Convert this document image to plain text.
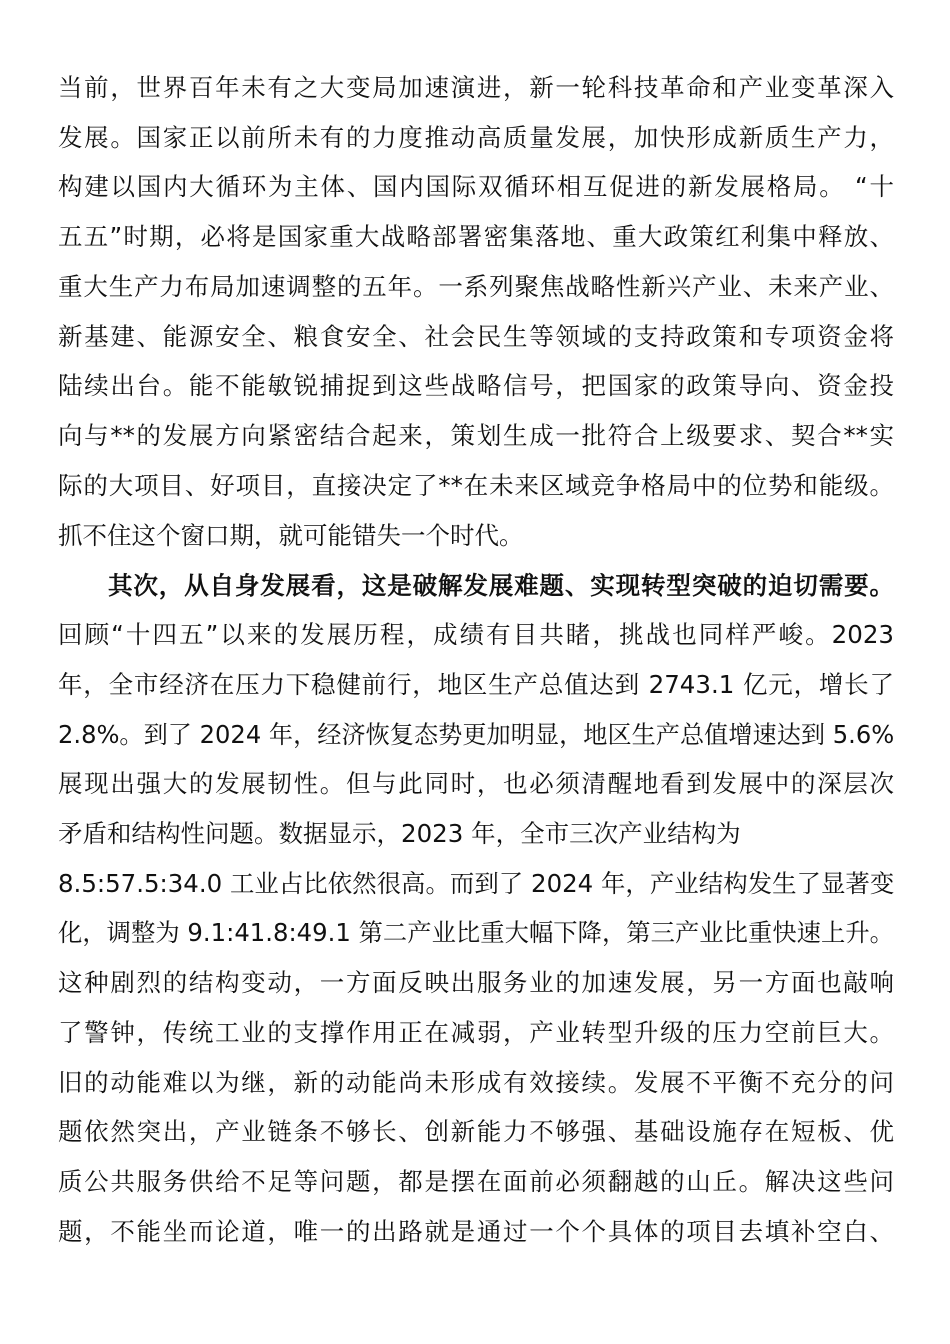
当前，世界百年未有之大变局加速演进，新一轮科技革命和产业变革深入
发展。国家正以前所未有的力度推动高质量发展，加快形成新质生产力，
构建以国内大循环为主体、国内国际双循环相互促进的新发展格局。 “十
五五”时期，必将是国家重大战略部署密集落地、重大政策红利集中释放、
重大生产力布局加速调整的五年。一系列聚焦战略性新兴产业、未来产业、
新基建、能源安全、粮食安全、社会民生等领域的支持政策和专项资金将
陆续出台。能不能敏锐捕捉到这些战略信号，把国家的政策导向、资金投
向与**的发展方向紧密结合起来，策划生成一批符合上级要求、契合**实
际的大项目、好项目，直接决定了**在未来区域竞争格局中的位势和能级。
抓不住这个窗口期，就可能错失一个时代。
其次，从自身发展看，这是破解发展难题、实现转型突破的迫切需要。
回顾“十四五”以来的发展历程，成绩有目共睹，挑战也同样严峻。2023
年，全市经济在压力下稳健前行，地区生产总值达到 2743.1 亿元，增长了
2.8%。到了 2024 年，经济恢复态势更加明显，地区生产总值增速达到 5.6%
展现出强大的发展韧性。但与此同时，也必须清醒地看到发展中的深层次
矛盾和结构性问题。数据显示，2023 年，全市三次产业结构为
8.5:57.5:34.0 工业占比依然很高。而到了 2024 年，产业结构发生了显著变
化，调整为 9.1:41.8:49.1 第二产业比重大幅下降，第三产业比重快速上升。
这种剧烈的结构变动，一方面反映出服务业的加速发展，另一方面也敲响
了警钟，传统工业的支撑作用正在减弱，产业转型升级的压力空前巨大。
旧的动能难以为继，新的动能尚未形成有效接续。发展不平衡不充分的问
题依然突出，产业链条不够长、创新能力不够强、基础设施存在短板、优
质公共服务供给不足等问题，都是摆在面前必须翻越的山丘。解决这些问
题，不能坐而论道，唯一的出路就是通过一个个具体的项目去填补空白、
